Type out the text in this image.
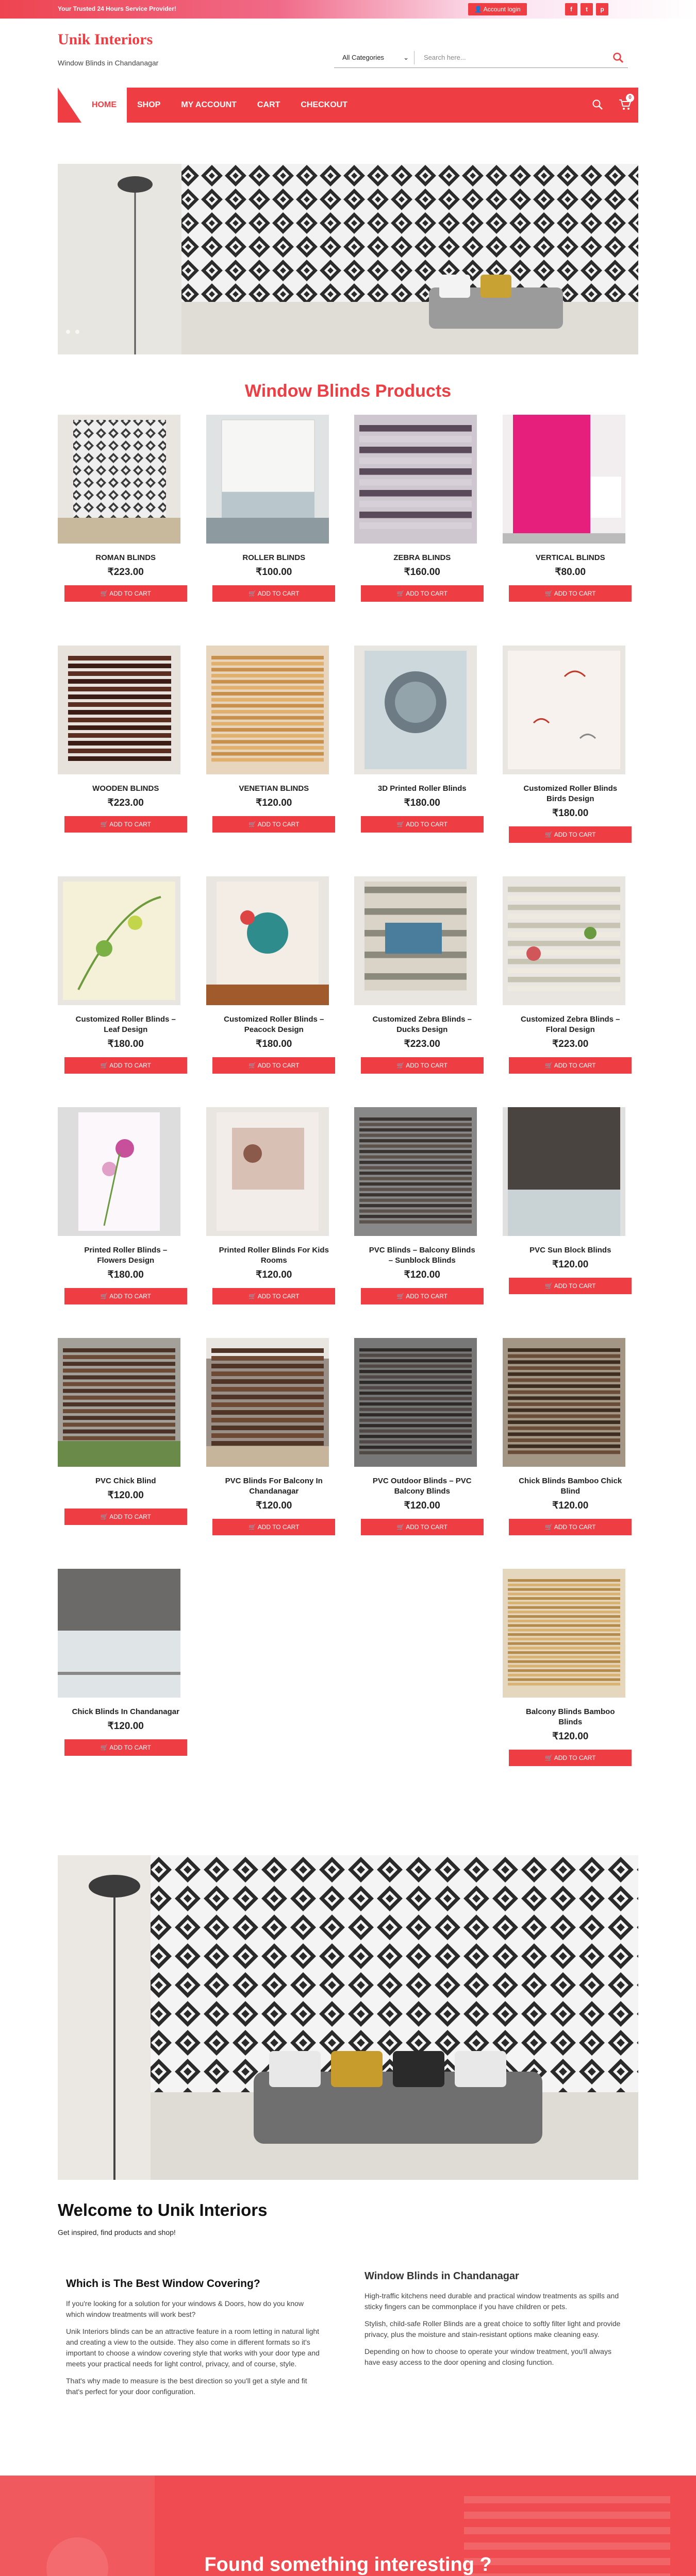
Your Trusted 24 Hours Service Provider!	👤 Account login	f	t	p
Unik Interiors
Window Blinds in Chandanagar
All Categories	⌄	Search here...
HOME	SHOP	MY ACCOUNT	CART	CHECKOUT
0
Window Blinds Products
ROMAN BLINDS
₹223.00
🛒 ADD TO CART
ROLLER BLINDS
₹100.00
🛒 ADD TO CART
ZEBRA BLINDS
₹160.00
🛒 ADD TO CART
VERTICAL BLINDS
₹80.00
🛒 ADD TO CART
WOODEN BLINDS
₹223.00
🛒 ADD TO CART
VENETIAN BLINDS
₹120.00
🛒 ADD TO CART
3D Printed Roller Blinds
₹180.00
🛒 ADD TO CART
Customized Roller Blinds Birds Design
₹180.00
🛒 ADD TO CART
Customized Roller Blinds – Leaf Design
₹180.00
🛒 ADD TO CART
Customized Roller Blinds – Peacock Design
₹180.00
🛒 ADD TO CART
Customized Zebra Blinds – Ducks Design
₹223.00
🛒 ADD TO CART
Customized Zebra Blinds – Floral Design
₹223.00
🛒 ADD TO CART
Printed Roller Blinds – Flowers Design
₹180.00
🛒 ADD TO CART
Printed Roller Blinds For Kids Rooms
₹120.00
🛒 ADD TO CART
PVC Blinds – Balcony Blinds – Sunblock Blinds
₹120.00
🛒 ADD TO CART
PVC Sun Block Blinds
₹120.00
🛒 ADD TO CART
PVC Chick Blind
₹120.00
🛒 ADD TO CART
PVC Blinds For Balcony In Chandanagar
₹120.00
🛒 ADD TO CART
PVC Outdoor Blinds – PVC Balcony Blinds
₹120.00
🛒 ADD TO CART
Chick Blinds Bamboo Chick Blind
₹120.00
🛒 ADD TO CART
Chick Blinds In Chandanagar
₹120.00
🛒 ADD TO CART
Balcony Blinds Bamboo Blinds
₹120.00
🛒 ADD TO CART
Welcome to Unik Interiors
Get inspired, find products and shop!
Which is The Best Window Covering?

If you're looking for a solution for your windows & Doors, how do you know which window treatments will work best?

Unik Interiors blinds can be an attractive feature in a room letting in natural light and creating a view to the outside. They also come in different formats so it's important to choose a window covering style that works with your door type and meets your practical needs for light control, privacy, and of course, style.

That's why made to measure is the best direction so you'll get a style and fit that's perfect for your door configuration.

Window Blinds in Chandanagar

High-traffic kitchens need durable and practical window treatments as spills and sticky fingers can be commonplace if you have children or pets.

Stylish, child-safe Roller Blinds are a great choice to softly filter light and provide privacy, plus the moisture and stain-resistant options make cleaning easy.

Depending on how to choose to operate your window treatment, you'll always have easy access to the door opening and closing function.

Found something interesting ?
